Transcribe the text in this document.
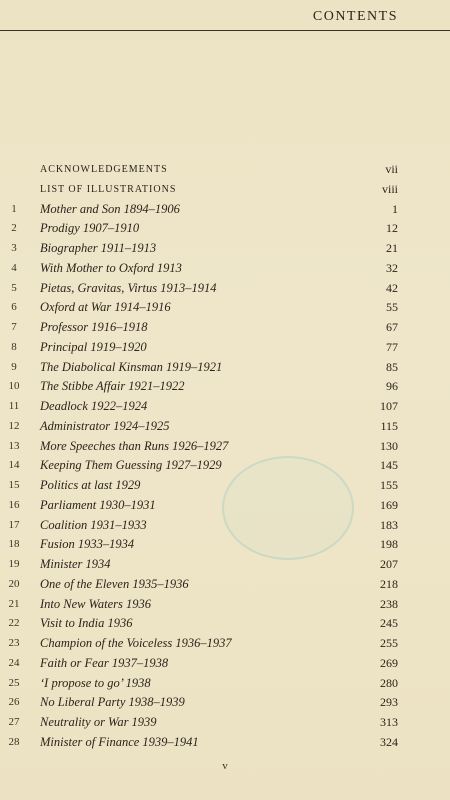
CONTENTS
ACKNOWLEDGEMENTS	vii
LIST OF ILLUSTRATIONS	viii
1	Mother and Son 1894–1906	1
2	Prodigy 1907–1910	12
3	Biographer 1911–1913	21
4	With Mother to Oxford 1913	32
5	Pietas, Gravitas, Virtus 1913–1914	42
6	Oxford at War 1914–1916	55
7	Professor 1916–1918	67
8	Principal 1919–1920	77
9	The Diabolical Kinsman 1919–1921	85
10	The Stibbe Affair 1921–1922	96
11	Deadlock 1922–1924	107
12	Administrator 1924–1925	115
13	More Speeches than Runs 1926–1927	130
14	Keeping Them Guessing 1927–1929	145
15	Politics at last 1929	155
16	Parliament 1930–1931	169
17	Coalition 1931–1933	183
18	Fusion 1933–1934	198
19	Minister 1934	207
20	One of the Eleven 1935–1936	218
21	Into New Waters 1936	238
22	Visit to India 1936	245
23	Champion of the Voiceless 1936–1937	255
24	Faith or Fear 1937–1938	269
25	‘I propose to go’ 1938	280
26	No Liberal Party 1938–1939	293
27	Neutrality or War 1939	313
28	Minister of Finance 1939–1941	324
v
